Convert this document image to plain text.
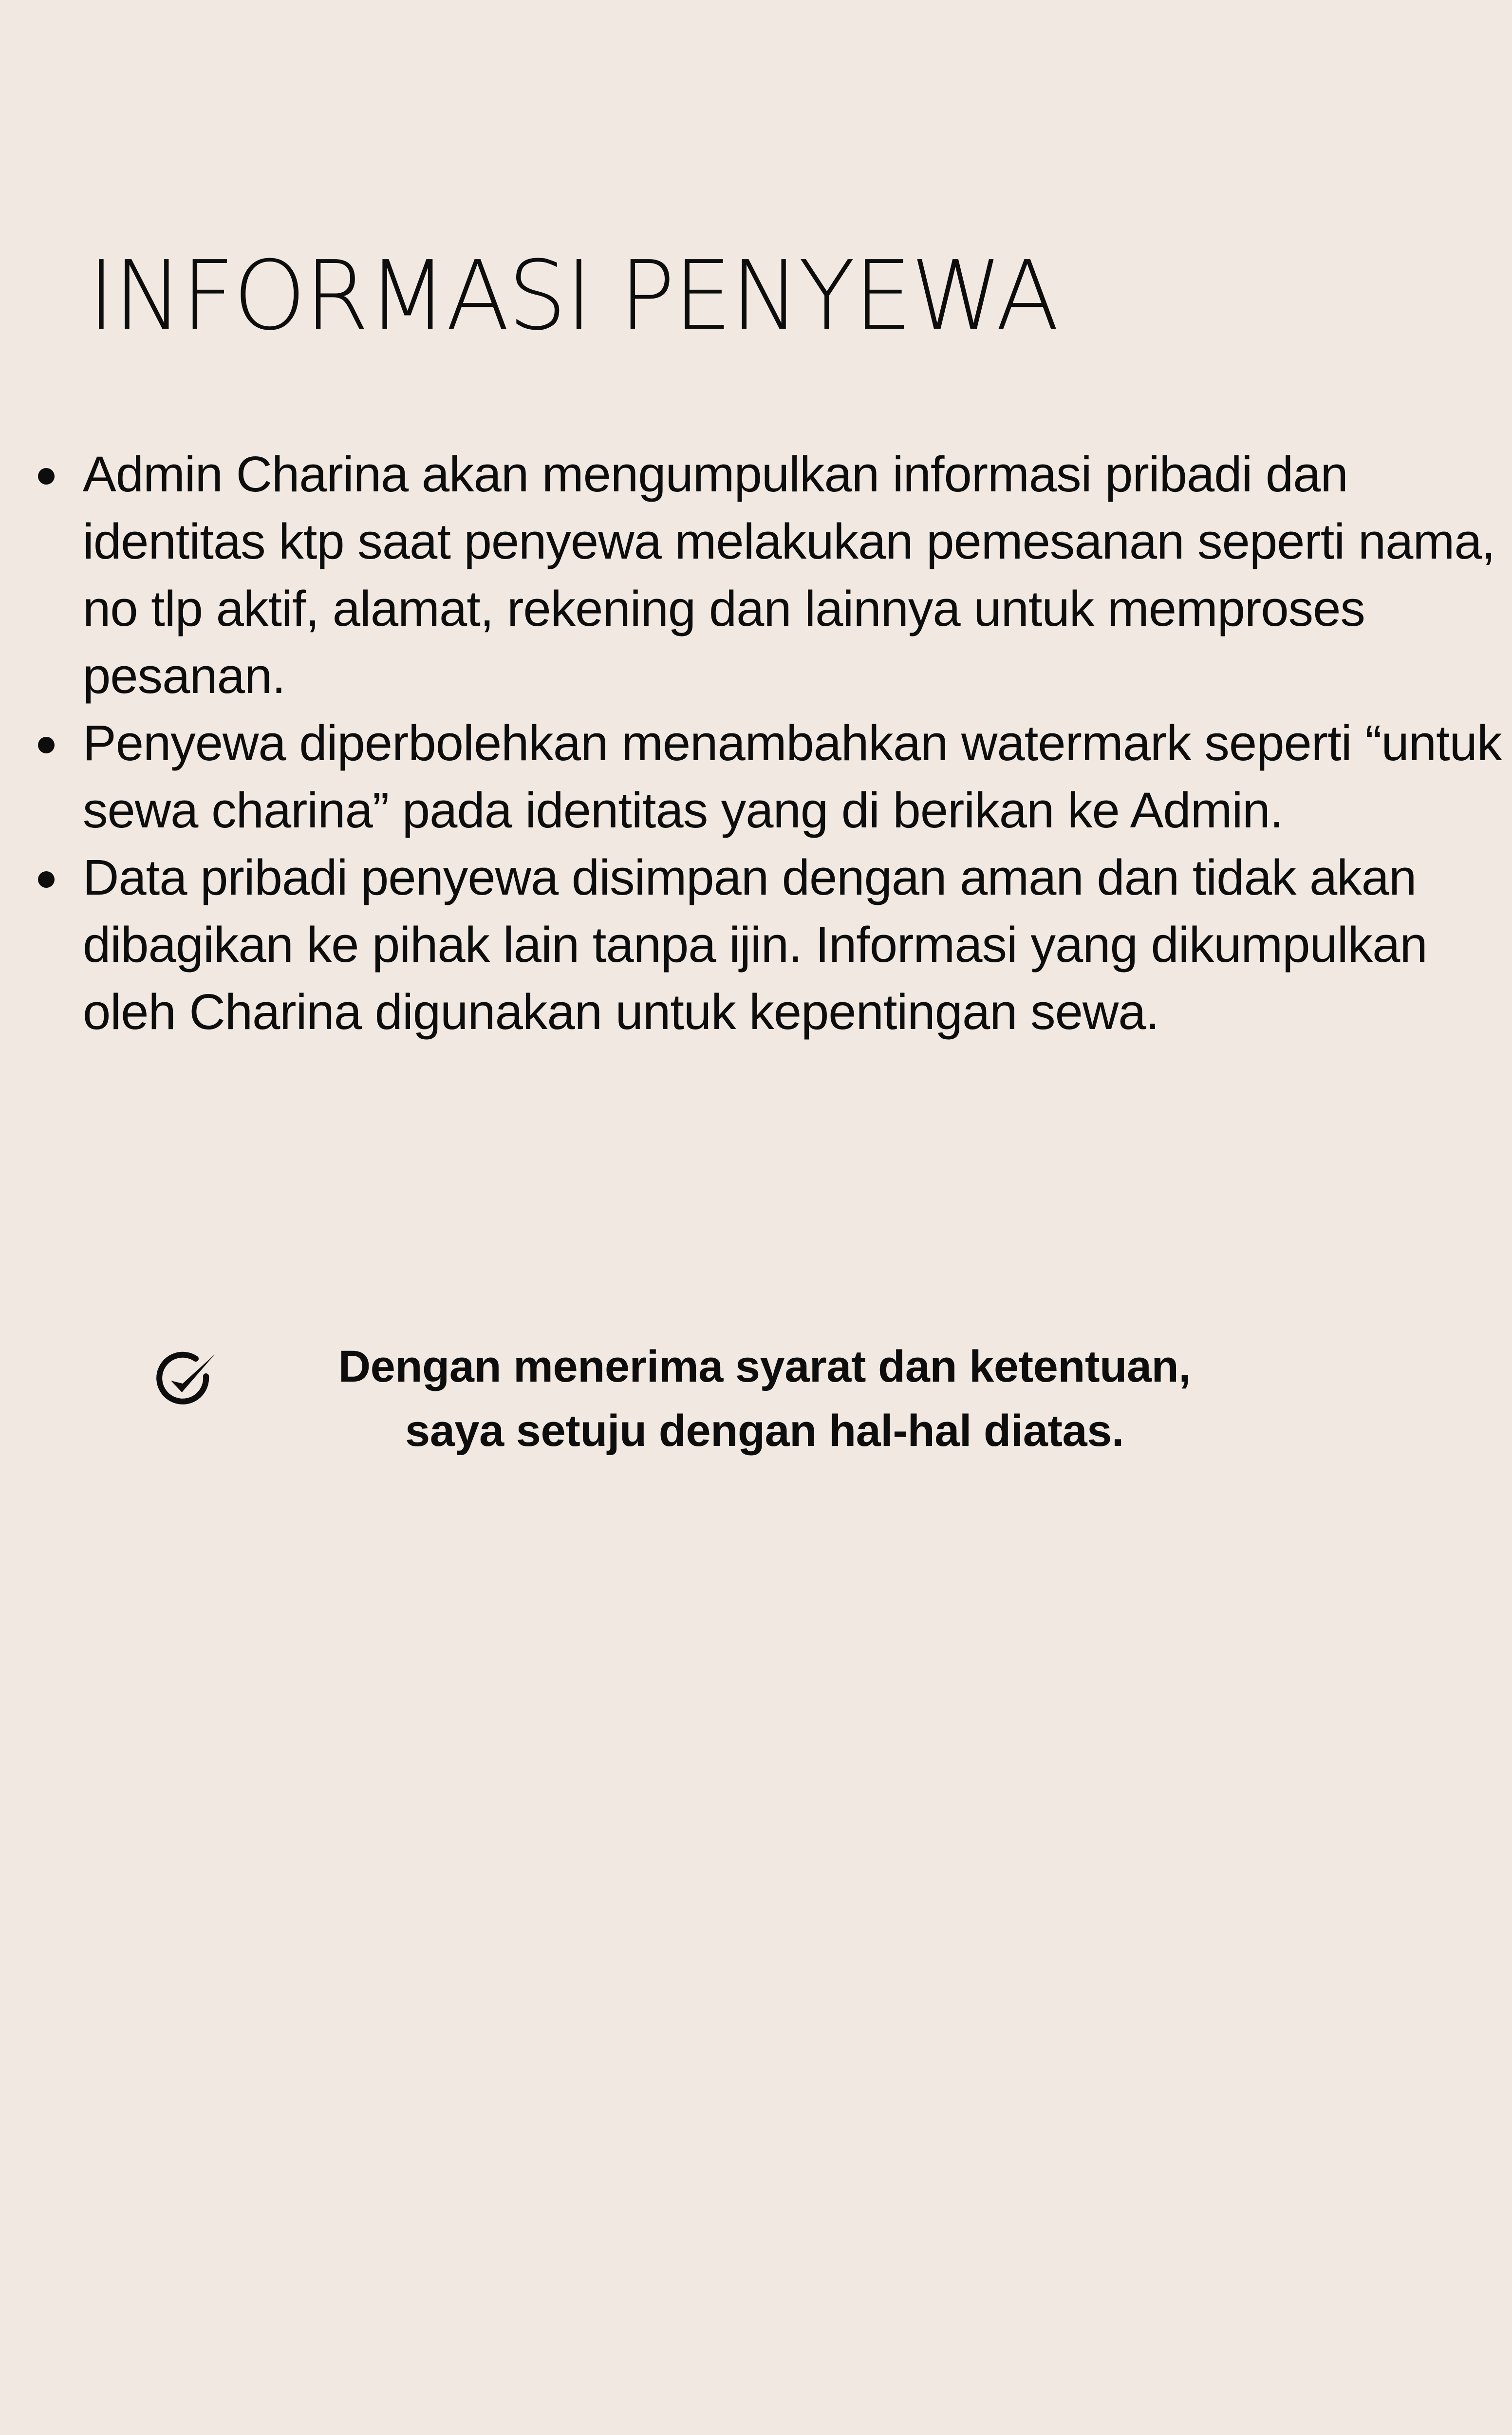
INFORMASI PENYEWA
Admin Charina akan mengumpulkan informasi pribadi dan identitas ktp saat penyewa melakukan pemesanan seperti nama, no tlp aktif, alamat, rekening dan lainnya untuk memproses pesanan.
Penyewa diperbolehkan menambahkan watermark seperti “untuk sewa charina” pada identitas yang di berikan ke Admin.
Data pribadi penyewa disimpan dengan aman dan tidak akan dibagikan ke pihak lain tanpa ijin. Informasi yang dikumpulkan oleh Charina digunakan untuk kepentingan sewa.

Dengan menerima syarat dan ketentuan,
saya setuju dengan hal-hal diatas.
